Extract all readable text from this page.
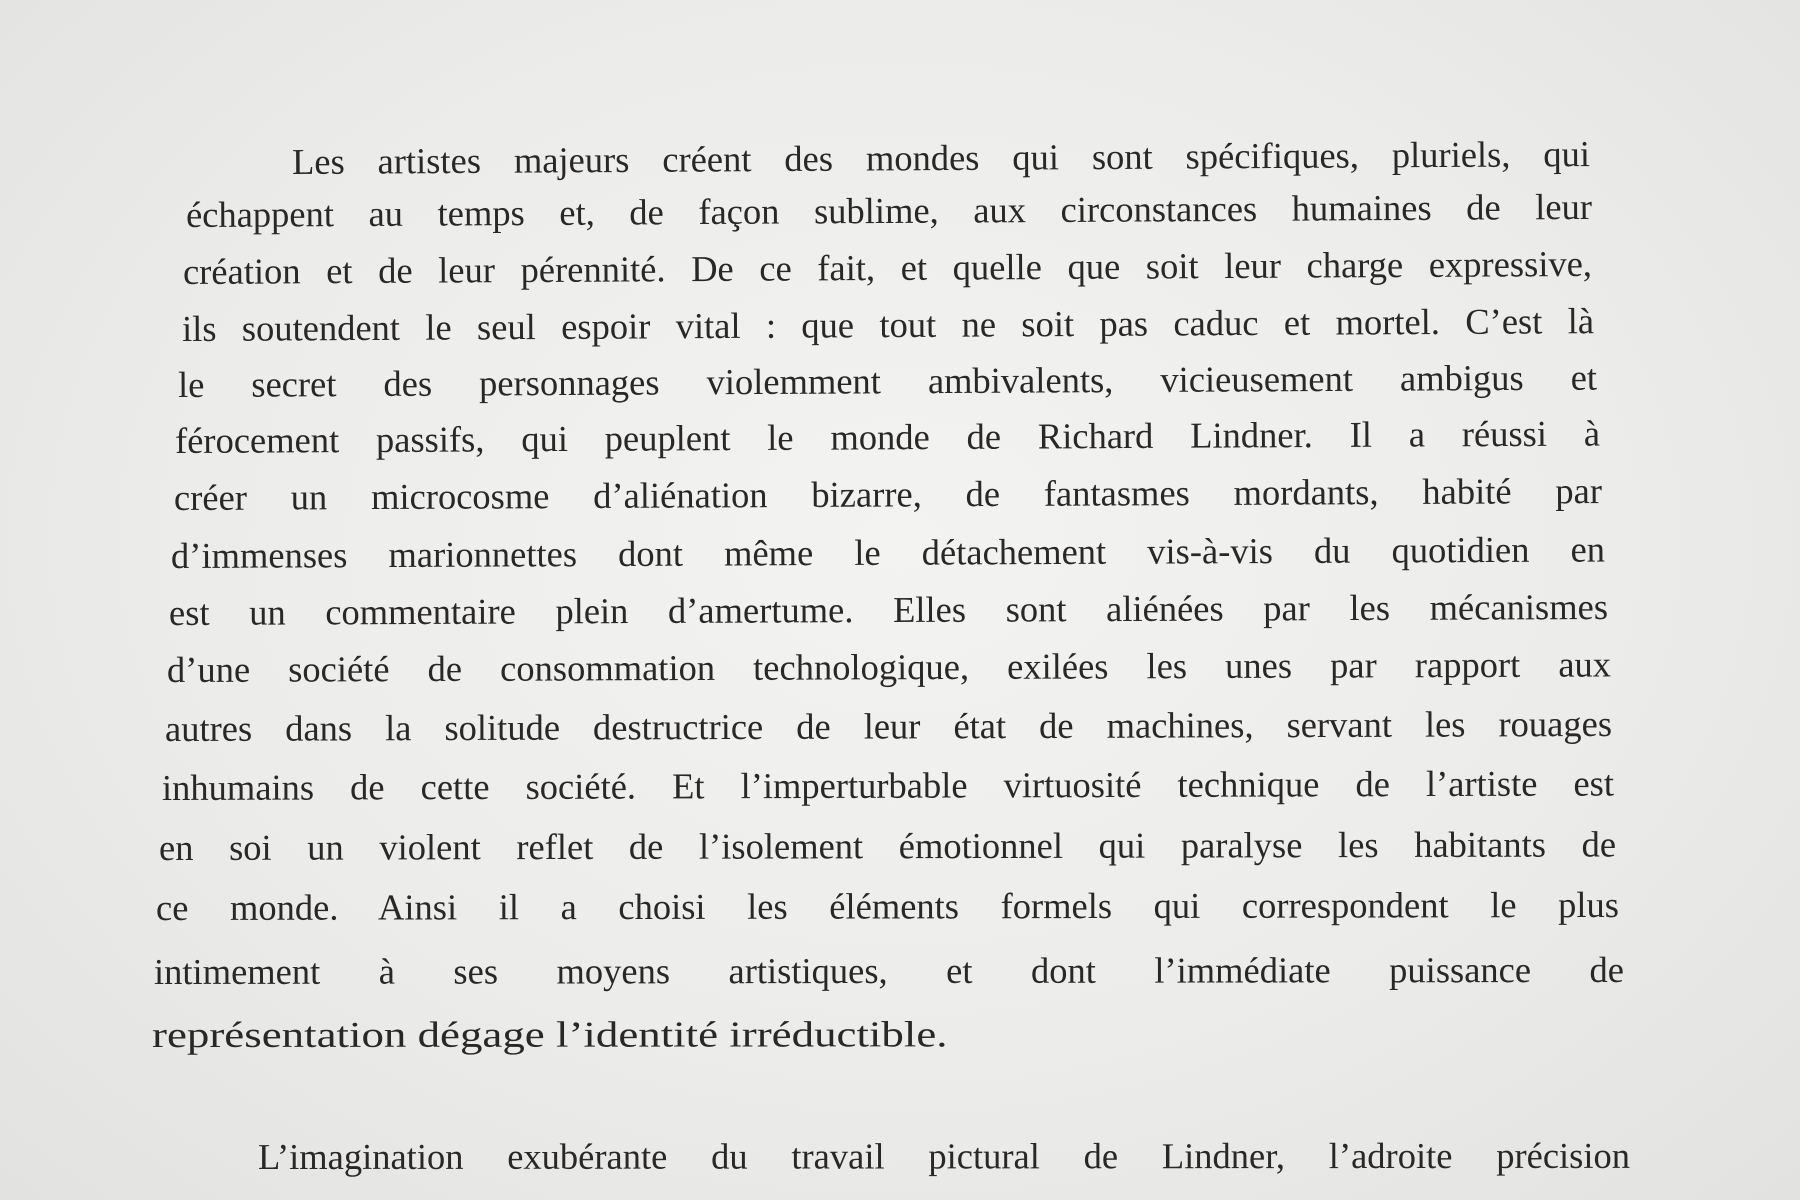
Les artistes majeurs créent des mondes qui sont spécifiques, pluriels, qui

échappent au temps et, de façon sublime, aux circonstances humaines de leur

création et de leur pérennité. De ce fait, et quelle que soit leur charge expressive,

ils soutendent le seul espoir vital : que tout ne soit pas caduc et mortel. C’est là

le secret des personnages violemment ambivalents, vicieusement ambigus et

férocement passifs, qui peuplent le monde de Richard Lindner. Il a réussi à

créer un microcosme d’aliénation bizarre, de fantasmes mordants, habité par

d’immenses marionnettes dont même le détachement vis-à-vis du quotidien en

est un commentaire plein d’amertume. Elles sont aliénées par les mécanismes

d’une société de consommation technologique, exilées les unes par rapport aux

autres dans la solitude destructrice de leur état de machines, servant les rouages

inhumains de cette société. Et l’imperturbable virtuosité technique de l’artiste est

en soi un violent reflet de l’isolement émotionnel qui paralyse les habitants de

ce monde. Ainsi il a choisi les éléments formels qui correspondent le plus

intimement à ses moyens artistiques, et dont l’immédiate puissance de

représentation dégage l’identité irréductible.

L’imagination exubérante du travail pictural de Lindner, l’adroite précision
